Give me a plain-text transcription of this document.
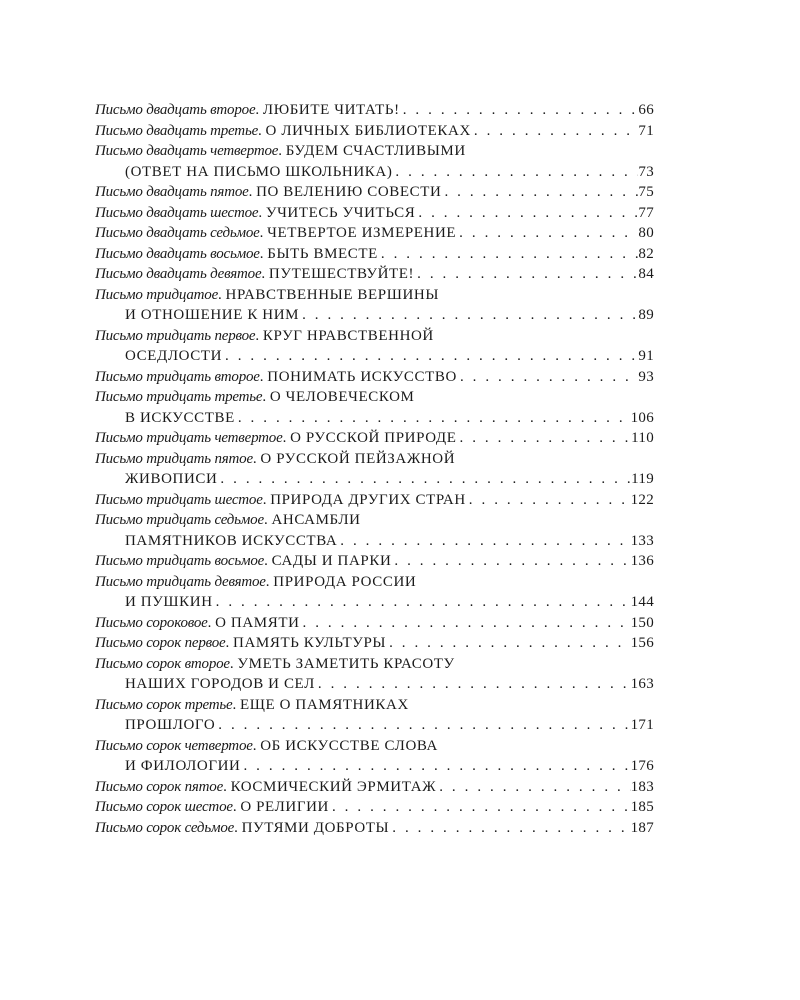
Письмо двадцать второе. ЛЮБИТЕ ЧИТАТЬ! . . .	66
Письмо двадцать третье. О ЛИЧНЫХ БИБЛИОТЕКАХ . . .	71
Письмо двадцать четвертое. БУДЕМ СЧАСТЛИВЫМИ
(ОТВЕТ НА ПИСЬМО ШКОЛЬНИКА) . . .	73
Письмо двадцать пятое. ПО ВЕЛЕНИЮ СОВЕСТИ . . .	75
Письмо двадцать шестое. УЧИТЕСЬ УЧИТЬСЯ . . .	77
Письмо двадцать седьмое. ЧЕТВЕРТОЕ ИЗМЕРЕНИЕ . . .	80
Письмо двадцать восьмое. БЫТЬ ВМЕСТЕ . . .	82
Письмо двадцать девятое. ПУТЕШЕСТВУЙТЕ! . . .	84
Письмо тридцатое. НРАВСТВЕННЫЕ ВЕРШИНЫ
И ОТНОШЕНИЕ К НИМ . . .	89
Письмо тридцать первое. КРУГ НРАВСТВЕННОЙ
ОСЕДЛОСТИ . . .	91
Письмо тридцать второе. ПОНИМАТЬ ИСКУССТВО . . .	93
Письмо тридцать третье. О ЧЕЛОВЕЧЕСКОМ
В ИСКУССТВЕ . . .	106
Письмо тридцать четвертое. О РУССКОЙ ПРИРОДЕ . . .	110
Письмо тридцать пятое. О РУССКОЙ ПЕЙЗАЖНОЙ
ЖИВОПИСИ . . .	119
Письмо тридцать шестое. ПРИРОДА ДРУГИХ СТРАН . . .	122
Письмо тридцать седьмое. АНСАМБЛИ
ПАМЯТНИКОВ ИСКУССТВА . . .	133
Письмо тридцать восьмое. САДЫ И ПАРКИ . . .	136
Письмо тридцать девятое. ПРИРОДА РОССИИ
И ПУШКИН . . .	144
Письмо сороковое. О ПАМЯТИ . . .	150
Письмо сорок первое. ПАМЯТЬ КУЛЬТУРЫ . . .	156
Письмо сорок второе. УМЕТЬ ЗАМЕТИТЬ КРАСОТУ
НАШИХ ГОРОДОВ И СЕЛ . . .	163
Письмо сорок третье. ЕЩЕ О ПАМЯТНИКАХ
ПРОШЛОГО . . .	171
Письмо сорок четвертое. ОБ ИСКУССТВЕ СЛОВА
И ФИЛОЛОГИИ . . .	176
Письмо сорок пятое. КОСМИЧЕСКИЙ ЭРМИТАЖ . . .	183
Письмо сорок шестое. О РЕЛИГИИ . . .	185
Письмо сорок седьмое. ПУТЯМИ ДОБРОТЫ . . .	187
